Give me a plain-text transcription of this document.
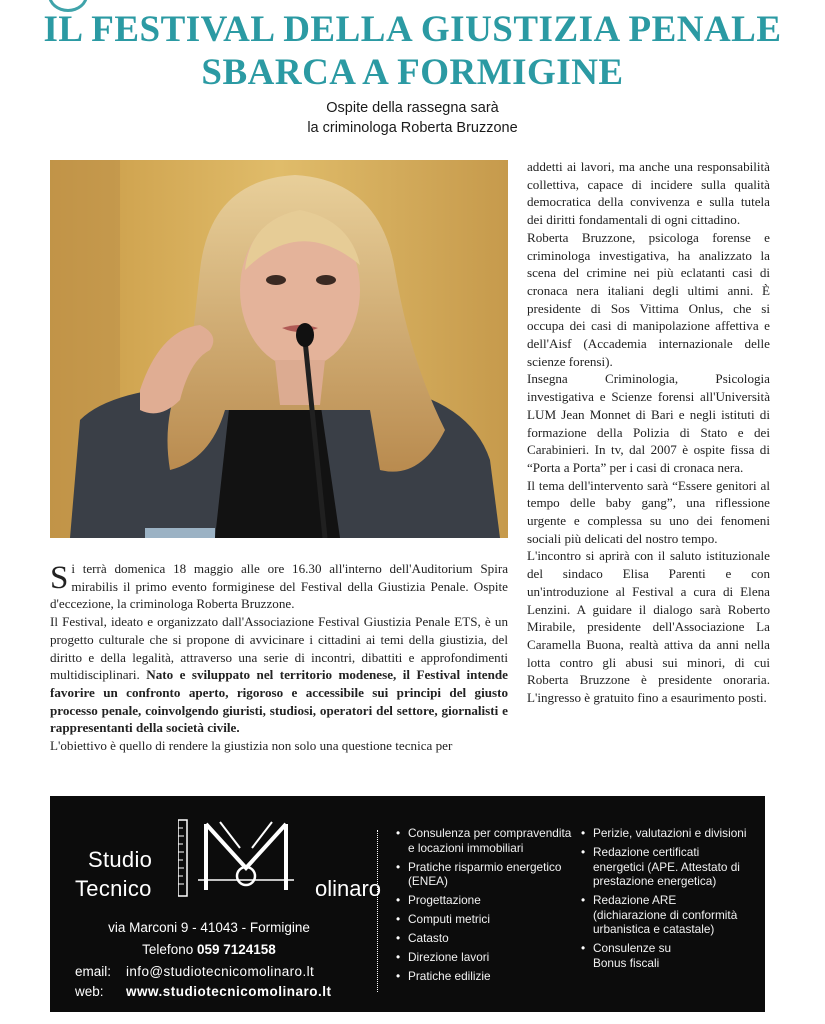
IL FESTIVAL DELLA GIUSTIZIA PENALE
SBARCA A FORMIGINE
Ospite della rassegna sarà
la criminologa Roberta Bruzzone

Si terrà domenica 18 maggio alle ore 16.30 all'interno dell'Auditorium Spira mirabilis il primo evento formiginese del Festival della Giustizia Penale. Ospite d'eccezione, la criminologa Roberta Bruzzone.

Il Festival, ideato e organizzato dall'Associazione Festival Giustizia Penale ETS, è un progetto culturale che si propone di avvicinare i cittadini ai temi della giustizia, del diritto e della legalità, attraverso una serie di incontri, dibattiti e approfondimenti multidisciplinari. Nato e sviluppato nel territorio modenese, il Festival intende favorire un confronto aperto, rigoroso e accessibile sui principi del giusto processo penale, coinvolgendo giuristi, studiosi, operatori del settore, giornalisti e rappresentanti della società civile.

L'obiettivo è quello di rendere la giustizia non solo una questione tecnica per

addetti ai lavori, ma anche una responsabilità collettiva, capace di incidere sulla qualità democratica della convivenza e sulla tutela dei diritti fondamentali di ogni cittadino.

Roberta Bruzzone, psicologa forense e criminologa investigativa, ha analizzato la scena del crimine nei più eclatanti casi di cronaca nera italiani degli ultimi anni. È presidente di Sos Vittima Onlus, che si occupa dei casi di manipolazione affettiva e dell'Aisf (Accademia internazionale delle scienze forensi).

Insegna Criminologia, Psicologia investigativa e Scienze forensi all'Università LUM Jean Monnet di Bari e negli istituti di formazione della Polizia di Stato e dei Carabinieri. In tv, dal 2007 è ospite fissa di “Porta a Porta” per i casi di cronaca nera.

Il tema dell'intervento sarà “Essere genitori al tempo delle baby gang”, una riflessione urgente e complessa su uno dei fenomeni sociali più delicati del nostro tempo.

L'incontro si aprirà con il saluto istituzionale del sindaco Elisa Parenti e con un'introduzione al Festival a cura di Elena Lenzini. A guidare il dialogo sarà Roberto Mirabile, presidente dell'Associazione La Caramella Buona, realtà attiva da anni nella lotta contro gli abusi sui minori, di cui Roberta Bruzzone è presidente onoraria. L'ingresso è gratuito fino a esaurimento posti.

Studio
Tecnico	olinaro
via Marconi 9 - 41043 - Formigine
Telefono 059 7124158
email: info@studiotecnicomolinaro.lt
web: www.studiotecnicomolinaro.lt
• Consulenza per compravendita
e locazioni immobiliari
• Pratiche risparmio energetico
(ENEA)
• Progettazione
• Computi metrici
• Catasto
• Direzione lavori
• Pratiche edilizie
• Perizie, valutazioni e divisioni
• Redazione certificati
energetici (APE. Attestato di
prestazione energetica)
• Redazione ARE
(dichiarazione di conformità
urbanistica e catastale)
• Consulenze su
Bonus fiscali
